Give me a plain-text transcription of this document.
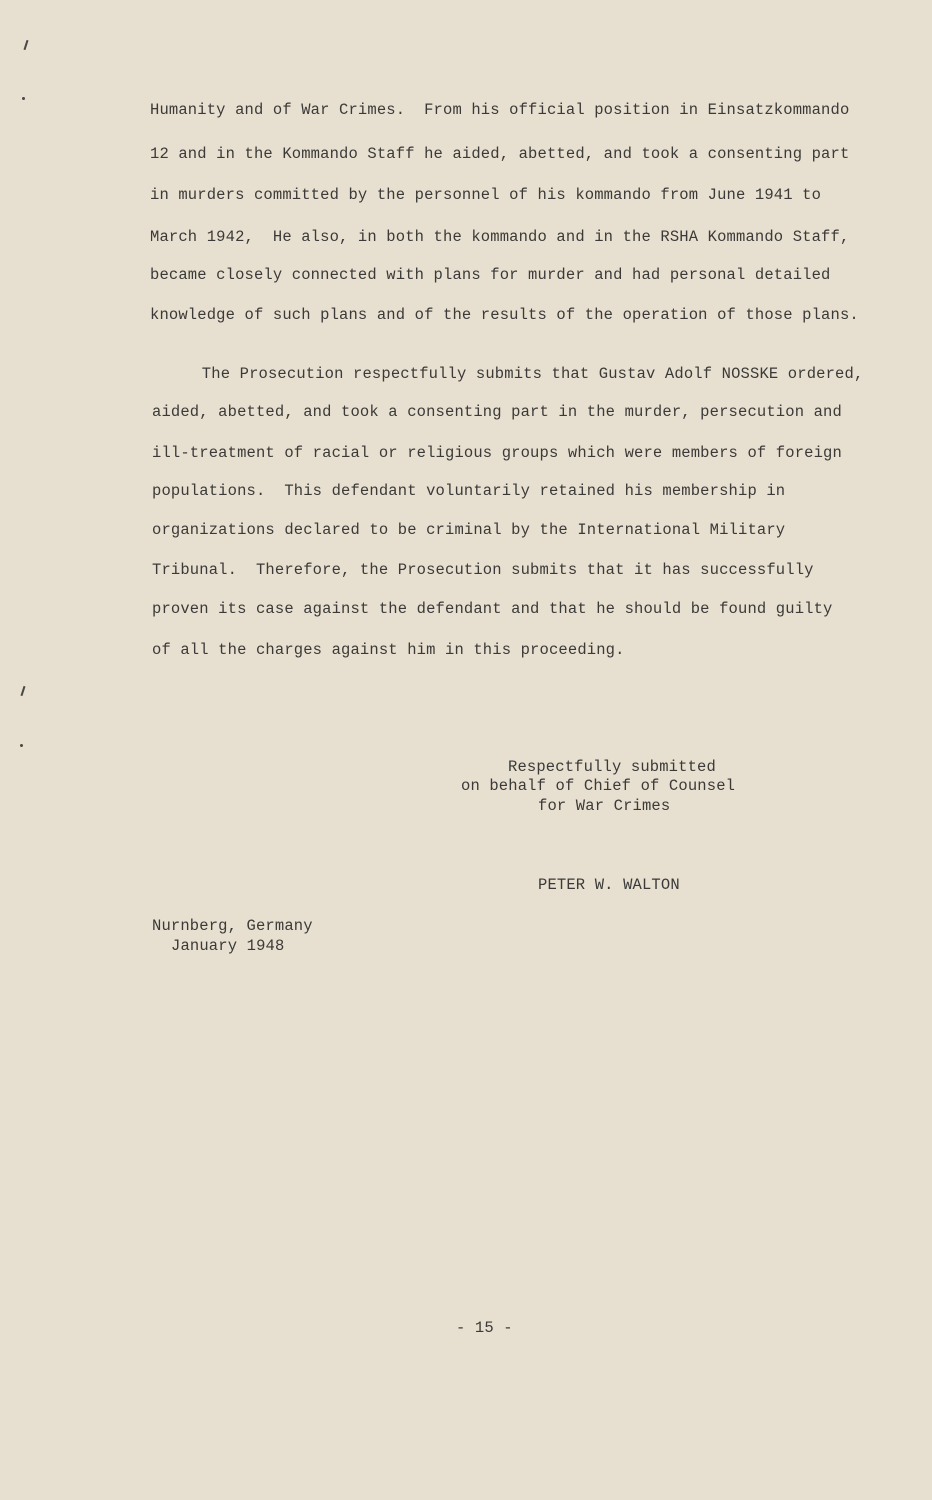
Humanity and of War Crimes.  From his official position in Einsatzkommando
12 and in the Kommando Staff he aided, abetted, and took a consenting part
in murders committed by the personnel of his kommando from June 1941 to
March 1942,  He also, in both the kommando and in the RSHA Kommando Staff,
became closely connected with plans for murder and had personal detailed
knowledge of such plans and of the results of the operation of those plans.
The Prosecution respectfully submits that Gustav Adolf NOSSKE ordered,
aided, abetted, and took a consenting part in the murder, persecution and
ill-treatment of racial or religious groups which were members of foreign
populations.  This defendant voluntarily retained his membership in
organizations declared to be criminal by the International Military
Tribunal.  Therefore, the Prosecution submits that it has successfully
proven its case against the defendant and that he should be found guilty
of all the charges against him in this proceeding.
Respectfully submitted
on behalf of Chief of Counsel
for War Crimes
PETER W. WALTON
Nurnberg, Germany
January 1948
- 15 -
